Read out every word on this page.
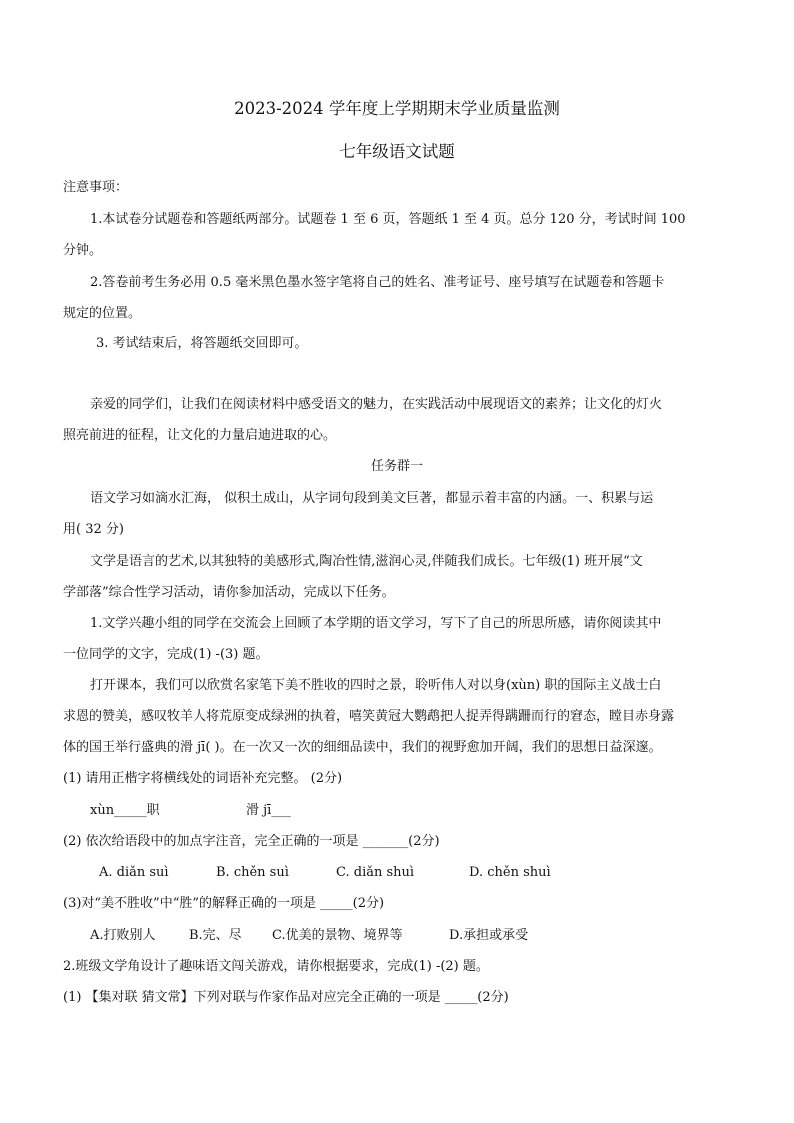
2023-2024 学年度上学期期末学业质量监测
七年级语文试题
注意事项：
1.本试卷分试题卷和答题纸两部分。试题卷 1 至 6 页，答题纸 1 至 4 页。总分 120 分，考试时间 100
分钟。
2.答卷前考生务必用 0.5 毫米黑色墨水签字笔将自己的姓名、准考证号、座号填写在试题卷和答题卡
规定的位置。
3. 考试结束后，将答题纸交回即可。
亲爱的同学们，让我们在阅读材料中感受语文的魅力，在实践活动中展现语文的素养；让文化的灯火
照亮前进的征程，让文化的力量启迪进取的心。
任务群一
语文学习如滴水汇海， 似积土成山，从字词句段到美文巨著，都显示着丰富的内涵。一、积累与运
用( 32 分)
文学是语言的艺术,以其独特的美感形式,陶冶性情,滋润心灵,伴随我们成长。七年级(1) 班开展“文
学部落”综合性学习活动，请你参加活动，完成以下任务。
1.文学兴趣小组的同学在交流会上回顾了本学期的语文学习，写下了自己的所思所感，请你阅读其中
一位同学的文字，完成(1) -(3) 题。
打开课本，我们可以欣赏名家笔下美不胜收的四时之景，聆听伟人对以身(xùn) 职的国际主义战士白
求恩的赞美，感叹牧羊人将荒原变成绿洲的执着，嘻笑黄冠大鹦鹉把人捉弄得蹒跚而行的窘态，瞠目赤身露
体的国王举行盛典的滑 jī( )。在一次又一次的细细品读中，我们的视野愈加开阔，我们的思想日益深邃。
(1) 请用正楷字将横线处的词语补充完整。 (2分)
xùn_____职	滑 jī___
(2) 依次给语段中的加点字注音，完全正确的一项是 _______(2分)
A. diǎn suì	B. chěn suì	C. diǎn shuì	D. chěn shuì
(3)对“美不胜收”中“胜”的解释正确的一项是 _____(2分)
A.打败别人	B.完、尽 C.优美的景物、境界等	D.承担或承受
2.班级文学角设计了趣味语文闯关游戏，请你根据要求，完成(1) -(2) 题。
(1) 【集对联 猜文常】下列对联与作家作品对应完全正确的一项是 _____(2分)
